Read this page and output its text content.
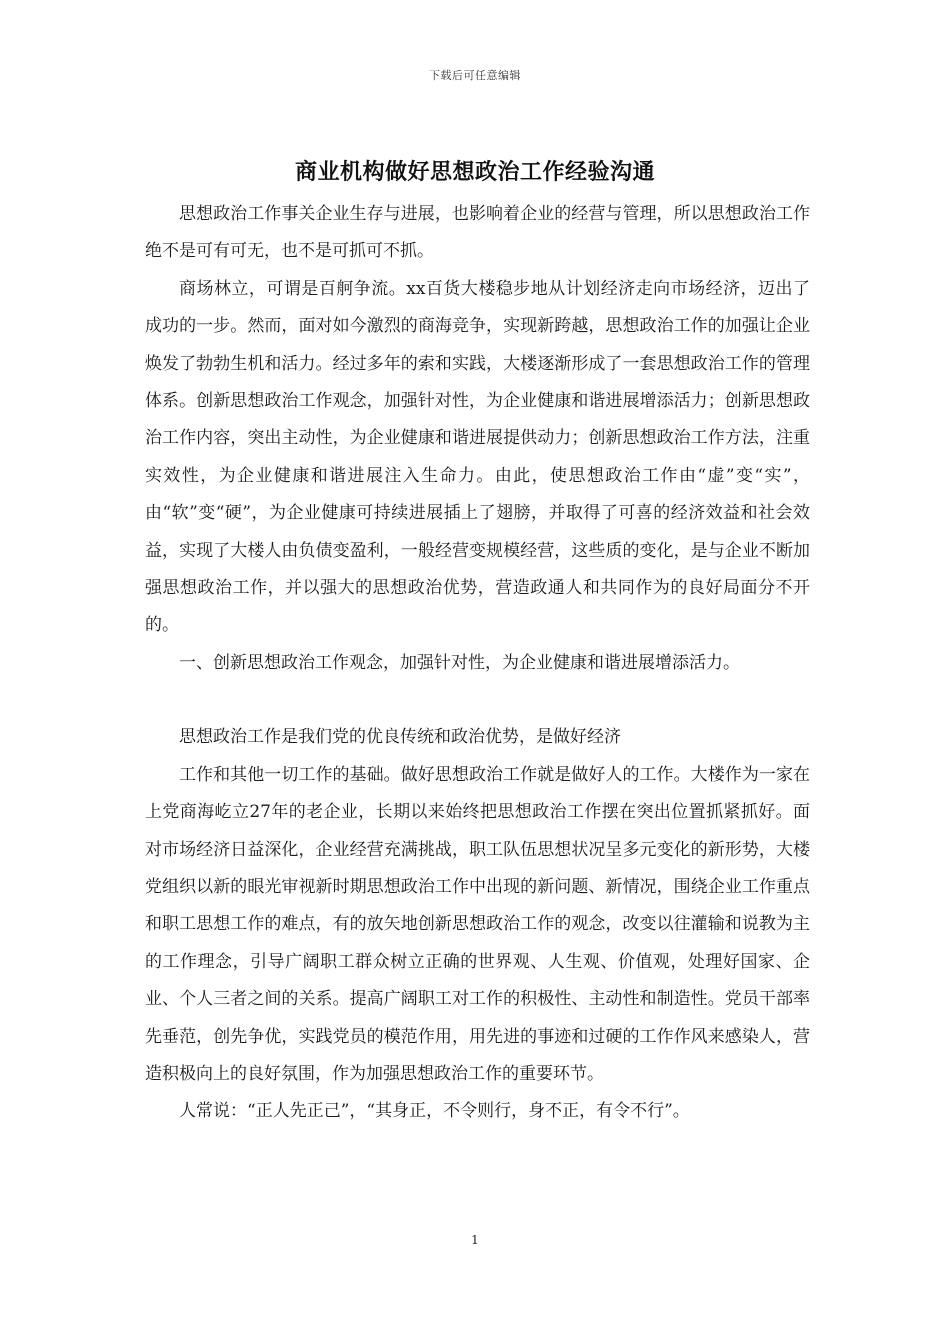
下载后可任意编辑
商业机构做好思想政治工作经验沟通

思想政治工作事关企业生存与进展，也影响着企业的经营与管理，所以思想政治工作绝不是可有可无，也不是可抓可不抓。

商场林立，可谓是百舸争流。xx百货大楼稳步地从计划经济走向市场经济，迈出了成功的一步。然而，面对如今激烈的商海竞争，实现新跨越，思想政治工作的加强让企业焕发了勃勃生机和活力。经过多年的索和实践，大楼逐渐形成了一套思想政治工作的管理体系。创新思想政治工作观念，加强针对性，为企业健康和谐进展增添活力；创新思想政治工作内容，突出主动性，为企业健康和谐进展提供动力；创新思想政治工作方法，注重实效性，为企业健康和谐进展注入生命力。由此，使思想政治工作由“虚”变“实”，由“软”变“硬”，为企业健康可持续进展插上了翅膀，并取得了可喜的经济效益和社会效益，实现了大楼人由负债变盈利，一般经营变规模经营，这些质的变化，是与企业不断加强思想政治工作，并以强大的思想政治优势，营造政通人和共同作为的良好局面分不开的。

一、创新思想政治工作观念，加强针对性，为企业健康和谐进展增添活力。

思想政治工作是我们党的优良传统和政治优势，是做好经济

工作和其他一切工作的基础。做好思想政治工作就是做好人的工作。大楼作为一家在上党商海屹立27年的老企业，长期以来始终把思想政治工作摆在突出位置抓紧抓好。面对市场经济日益深化，企业经营充满挑战，职工队伍思想状况呈多元变化的新形势，大楼党组织以新的眼光审视新时期思想政治工作中出现的新问题、新情况，围绕企业工作重点和职工思想工作的难点，有的放矢地创新思想政治工作的观念，改变以往灌输和说教为主的工作理念，引导广阔职工群众树立正确的世界观、人生观、价值观，处理好国家、企业、个人三者之间的关系。提高广阔职工对工作的积极性、主动性和制造性。党员干部率先垂范，创先争优，实践党员的模范作用，用先进的事迹和过硬的工作作风来感染人，营造积极向上的良好氛围，作为加强思想政治工作的重要环节。

人常说：“正人先正己”，“其身正，不令则行，身不正，有令不行”。

1
